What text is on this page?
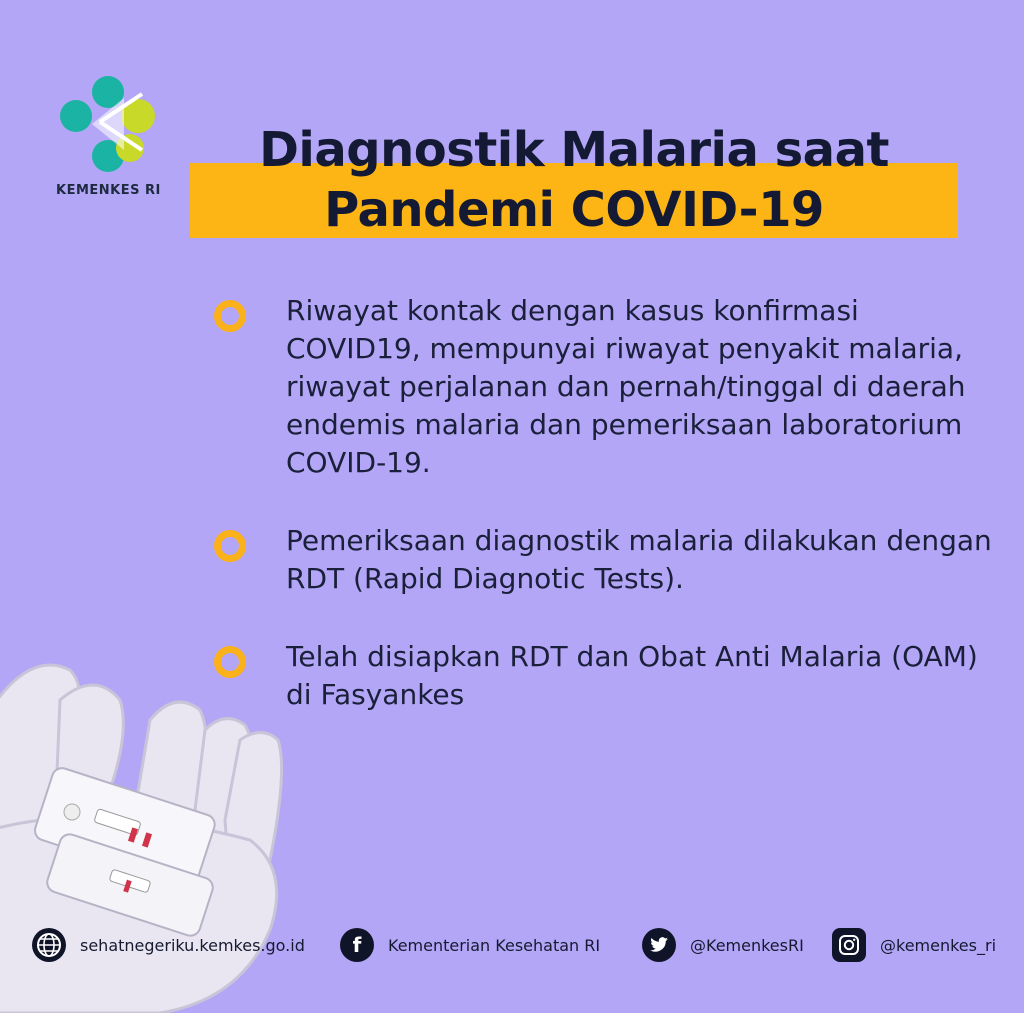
KEMENKES RI
Diagnostik Malaria saat
Pandemi COVID-19
Riwayat kontak dengan kasus konfirmasi COVID19, mempunyai riwayat penyakit malaria, riwayat perjalanan dan pernah/tinggal di daerah endemis malaria dan pemeriksaan laboratorium COVID-19.
Pemeriksaan diagnostik malaria dilakukan dengan RDT (Rapid Diagnotic Tests).
Telah disiapkan RDT dan Obat Anti Malaria (OAM) di Fasyankes
sehatnegeriku.kemkes.go.id	f	Kementerian Kesehatan RI	@KemenkesRI	@kemenkes_ri
